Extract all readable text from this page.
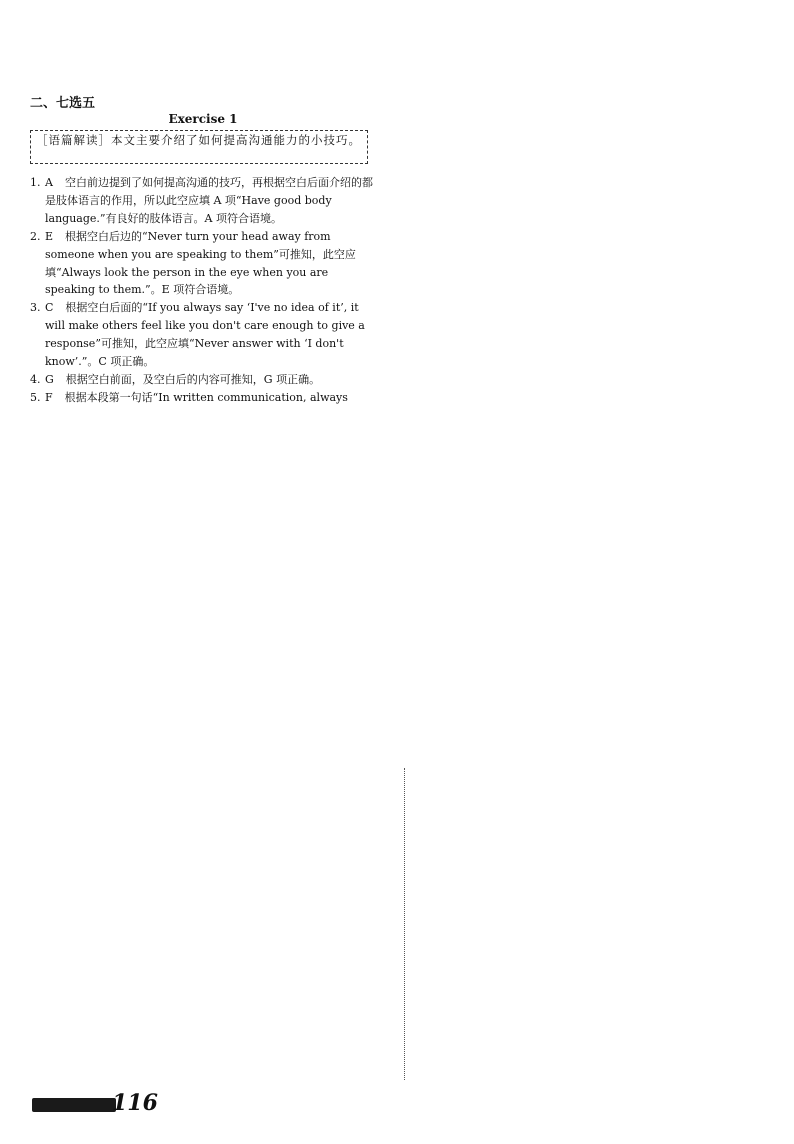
二、七选五
Exercise 1
［语篇解读］本文主要介绍了如何提高沟通能力的小技巧。
1. A 空白前边提到了如何提高沟通的技巧，再根据空白后面介绍的都是肢体语言的作用，所以此空应填 A 项“Have good body language.”有良好的肢体语言。A 项符合语境。
2. E 根据空白后边的“Never turn your head away from someone when you are speaking to them”可推知，此空应填“Always look the person in the eye when you are speaking to them.”。E 项符合语境。
3. C 根据空白后面的“If you always say ‘I've no idea of it’, it will make others feel like you don't care enough to give a response”可推知，此空应填“Never answer with ‘I don't know’.”。C 项正确。
4. G 根据空白前面，及空白后的内容可推知，G 项正确。
5. F 根据本段第一句话“In written communication, always
116
